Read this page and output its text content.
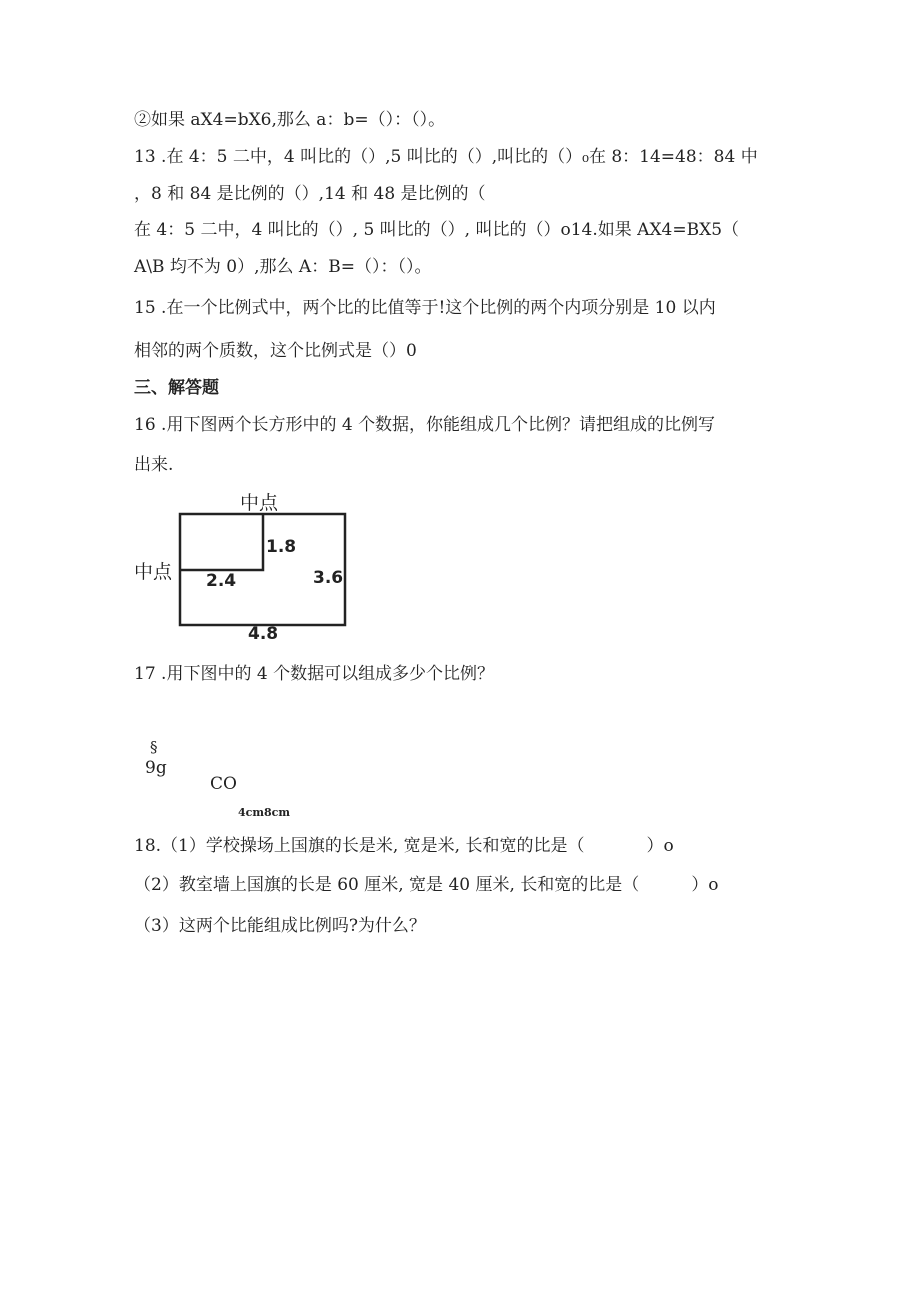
②如果 aX4=bX6,那么 a：b=（）：（）。
13 .在 4：5 二中，4 叫比的（）,5 叫比的（）,叫比的（）₀在 8：14=48：84 中
，8 和 84 是比例的（）,14 和 48 是比例的（
在 4：5 二中，4 叫比的（）, 5 叫比的（）, 叫比的（）o14.如果 AX4=BX5（
A\B 均不为 0）,那么 A：B=（）：（）。
15 .在一个比例式中，两个比的比值等于!这个比例的两个内项分别是 10 以内
相邻的两个质数，这个比例式是（）0
三、解答题
16 .用下图两个长方形中的 4 个数据，你能组成几个比例？请把组成的比例写
出来.
中点
中点
1.8
2.4	3.6
4.8
17 .用下图中的 4 个数据可以组成多少个比例？
§
9g
CO
4cm8cm
18.（1）学校操场上国旗的长是米, 宽是米, 长和宽的比是（	）o
（2）教室墙上国旗的长是 60 厘米, 宽是 40 厘米, 长和宽的比是（	）o
（3）这两个比能组成比例吗?为什么？
